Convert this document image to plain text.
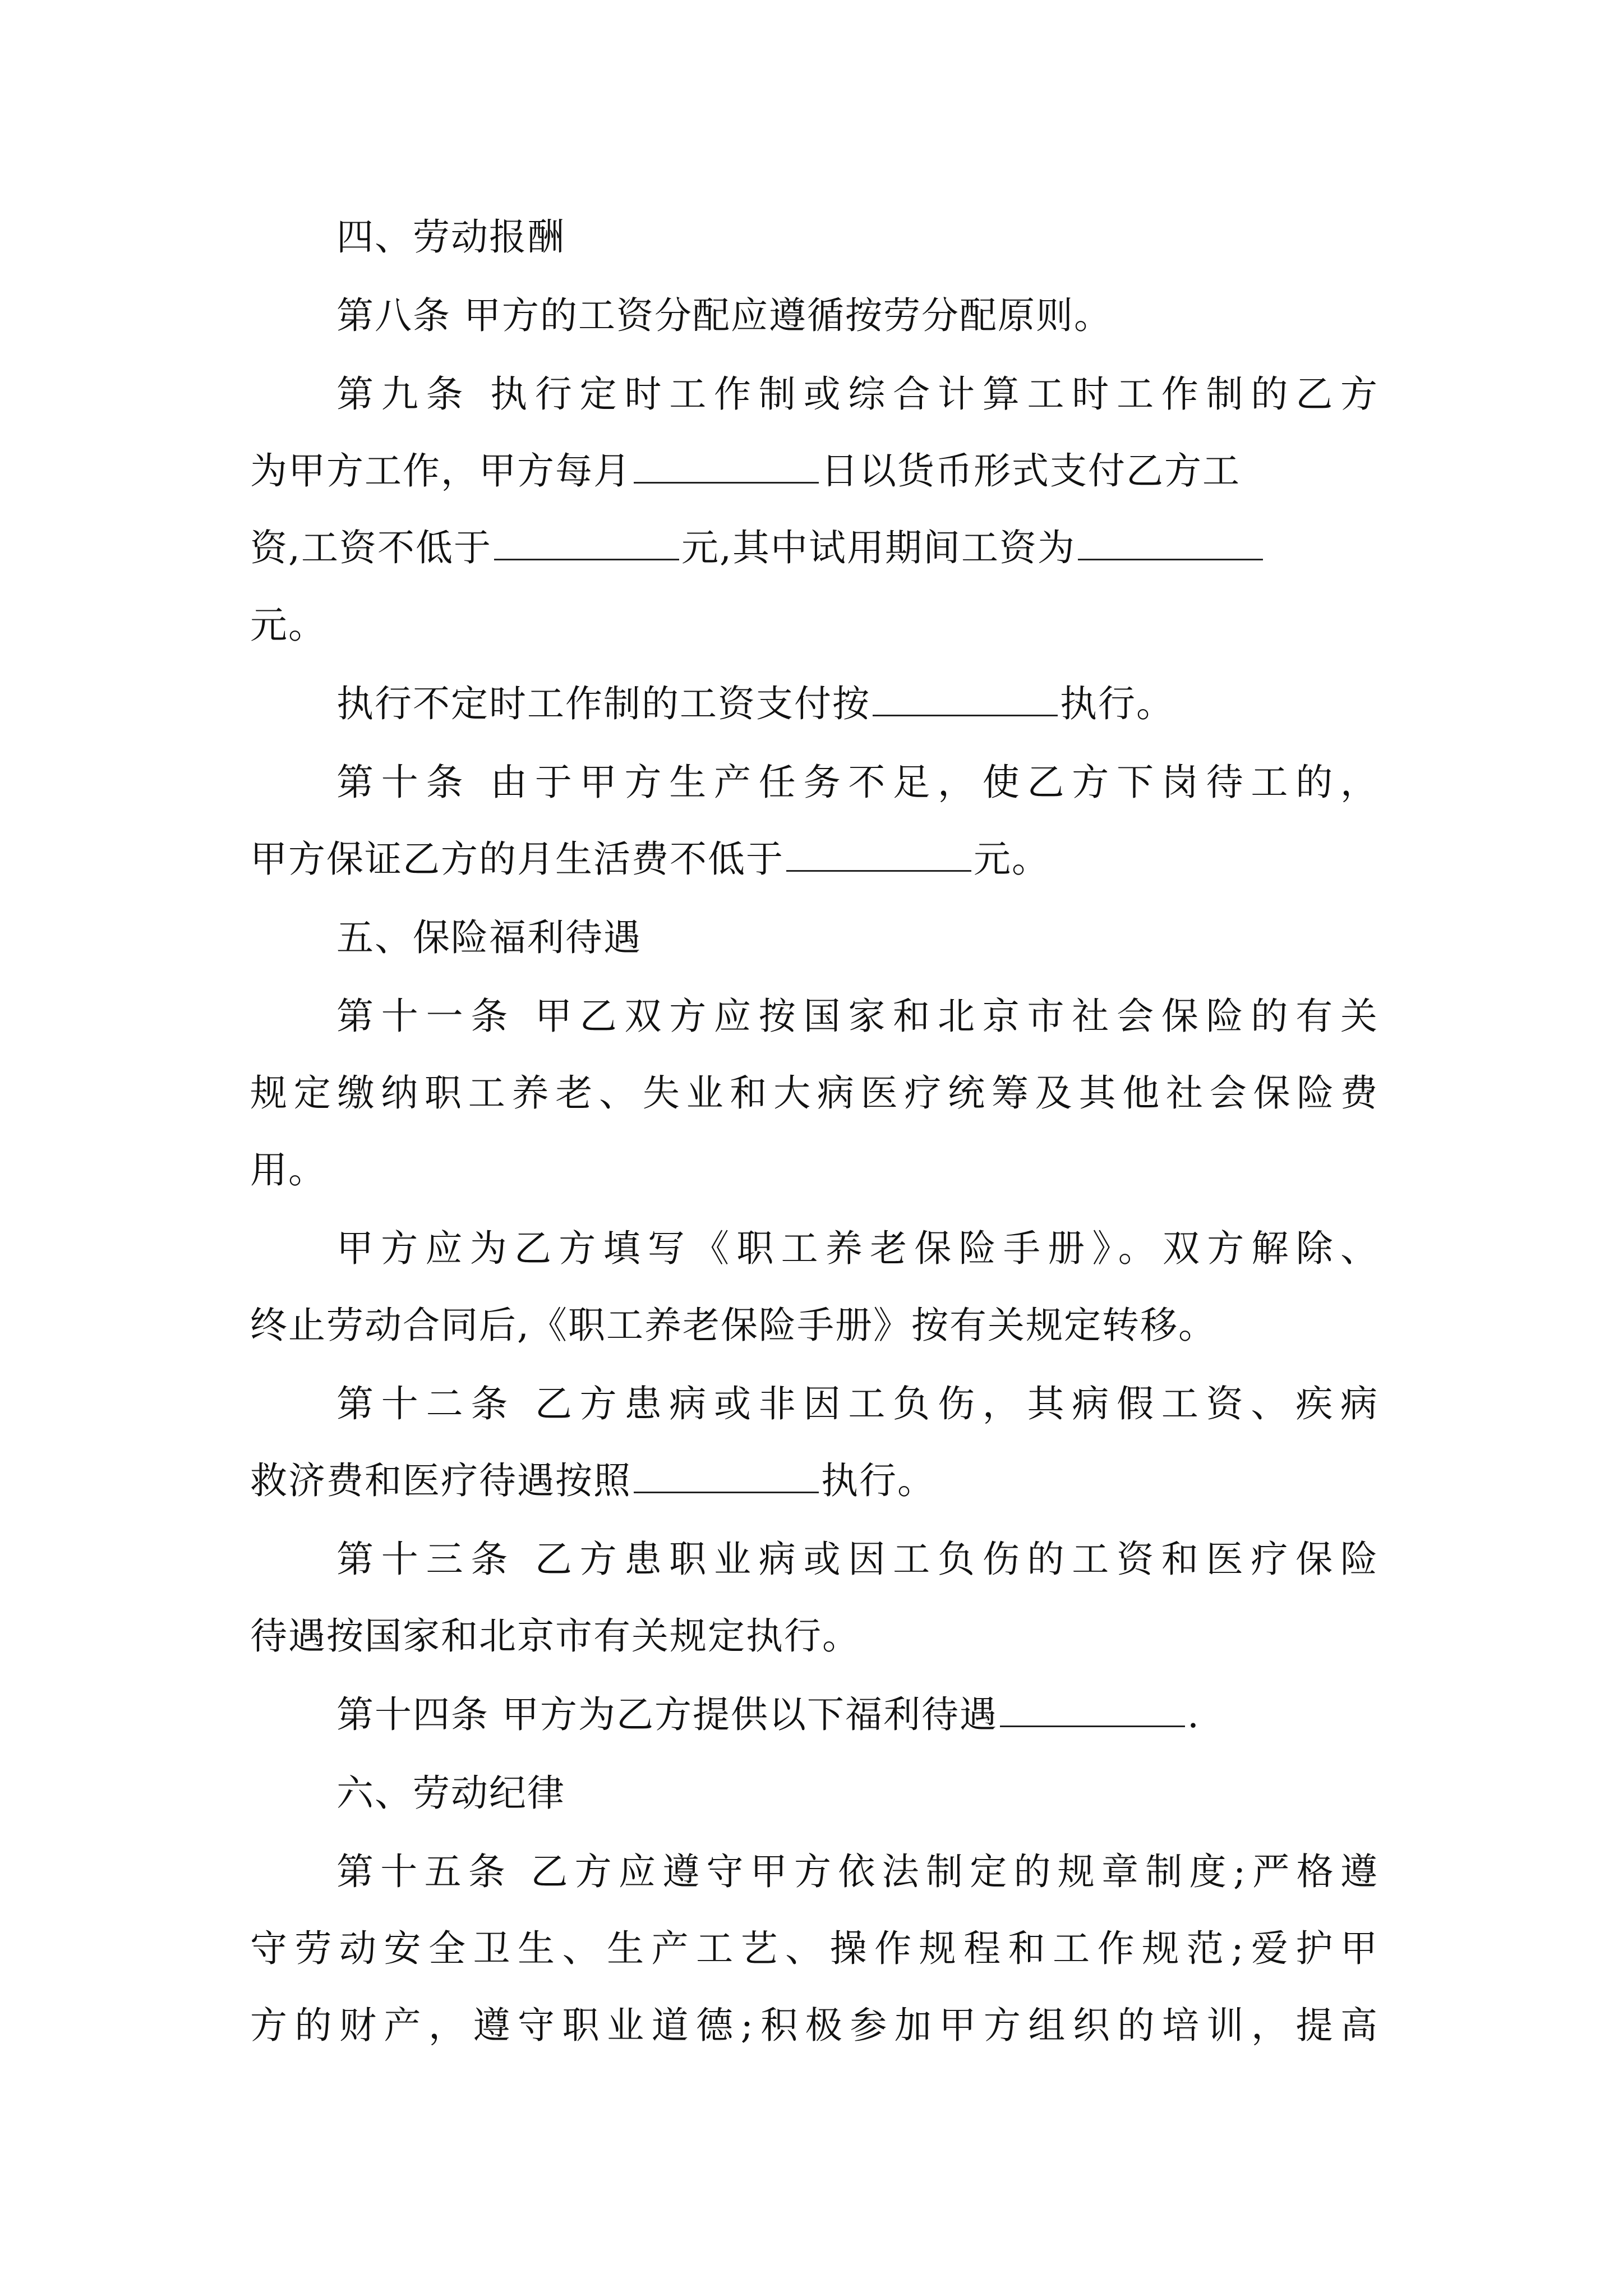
四、劳动报酬
第八条 甲方的工资分配应遵循按劳分配原则。
第九条 执行定时工作制或综合计算工时工作制的乙方
为甲方工作，甲方每月	日以货币形式支付乙方工
资,工资不低于	元,其中试用期间工资为
元。
执行不定时工作制的工资支付按	执行。
第十条 由于甲方生产任务不足，使乙方下岗待工的，
甲方保证乙方的月生活费不低于	元。
五、保险福利待遇
第十一条 甲乙双方应按国家和北京市社会保险的有关
规定缴纳职工养老、失业和大病医疗统筹及其他社会保险费
用。
甲方应为乙方填写《职工养老保险手册》。双方解除、
终止劳动合同后,《职工养老保险手册》按有关规定转移。
第十二条 乙方患病或非因工负伤，其病假工资、疾病
救济费和医疗待遇按照	执行。
第十三条 乙方患职业病或因工负伤的工资和医疗保险
待遇按国家和北京市有关规定执行。
第十四条 甲方为乙方提供以下福利待遇	.
六、劳动纪律
第十五条 乙方应遵守甲方依法制定的规章制度;严格遵
守劳动安全卫生、生产工艺、操作规程和工作规范;爱护甲
方的财产，遵守职业道德;积极参加甲方组织的培训，提高
